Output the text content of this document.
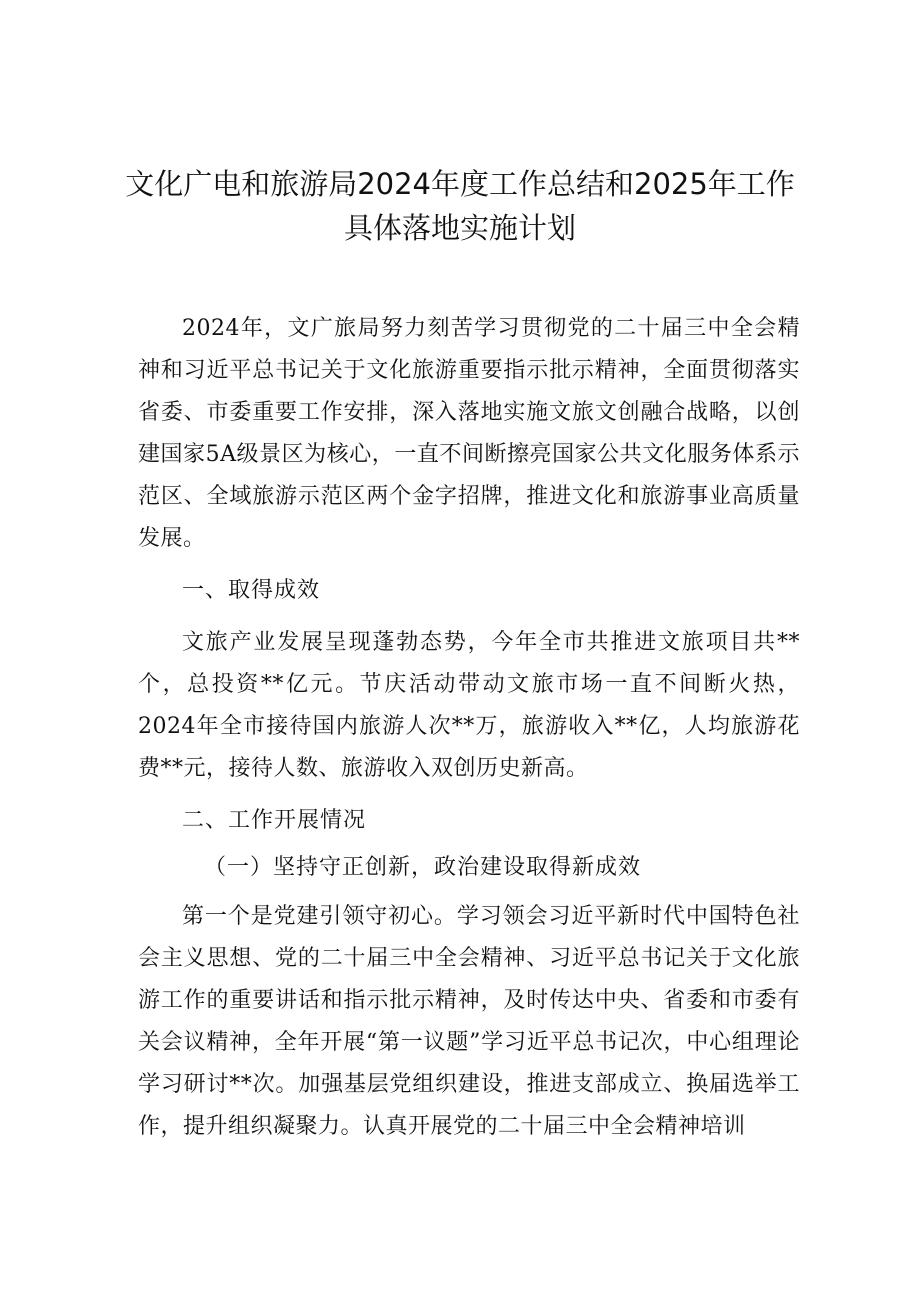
文化广电和旅游局2024年度工作总结和2025年工作具体落地实施计划

2024年，文广旅局努力刻苦学习贯彻党的二十届三中全会精神和习近平总书记关于文化旅游重要指示批示精神，全面贯彻落实省委、市委重要工作安排，深入落地实施文旅文创融合战略，以创建国家5A级景区为核心，一直不间断擦亮国家公共文化服务体系示范区、全域旅游示范区两个金字招牌，推进文化和旅游事业高质量发展。

一、取得成效

文旅产业发展呈现蓬勃态势，今年全市共推进文旅项目共**个，总投资**亿元。节庆活动带动文旅市场一直不间断火热，2024年全市接待国内旅游人次**万，旅游收入**亿，人均旅游花费**元，接待人数、旅游收入双创历史新高。

二、工作开展情况

（一）坚持守正创新，政治建设取得新成效

第一个是党建引领守初心。学习领会习近平新时代中国特色社会主义思想、党的二十届三中全会精神、习近平总书记关于文化旅游工作的重要讲话和指示批示精神，及时传达中央、省委和市委有关会议精神，全年开展“第一议题”学习近平总书记次，中心组理论学习研讨**次。加强基层党组织建设，推进支部成立、换届选举工作，提升组织凝聚力。认真开展党的二十届三中全会精神培训
